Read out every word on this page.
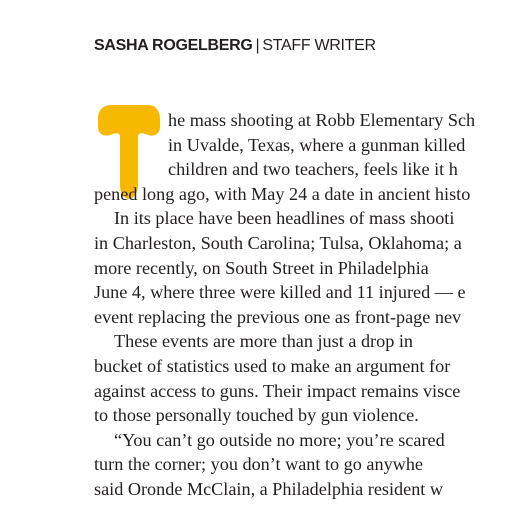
SASHA ROGELBERG | STAFF WRITER
he mass shooting at Robb Elementary Sch
in Uvalde, Texas, where a gunman killed
children and two teachers, feels like it h
pened long ago, with May 24 a date in ancient histo
In its place have been headlines of mass shooti
in Charleston, South Carolina; Tulsa, Oklahoma; a
more recently, on South Street in Philadelphia
June 4, where three were killed and 11 injured — e
event replacing the previous one as front-page nev
These events are more than just a drop in
bucket of statistics used to make an argument for
against access to guns. Their impact remains visce
to those personally touched by gun violence.
“You can’t go outside no more; you’re scared
turn the corner; you don’t want to go anywhe
said Oronde McClain, a Philadelphia resident w
